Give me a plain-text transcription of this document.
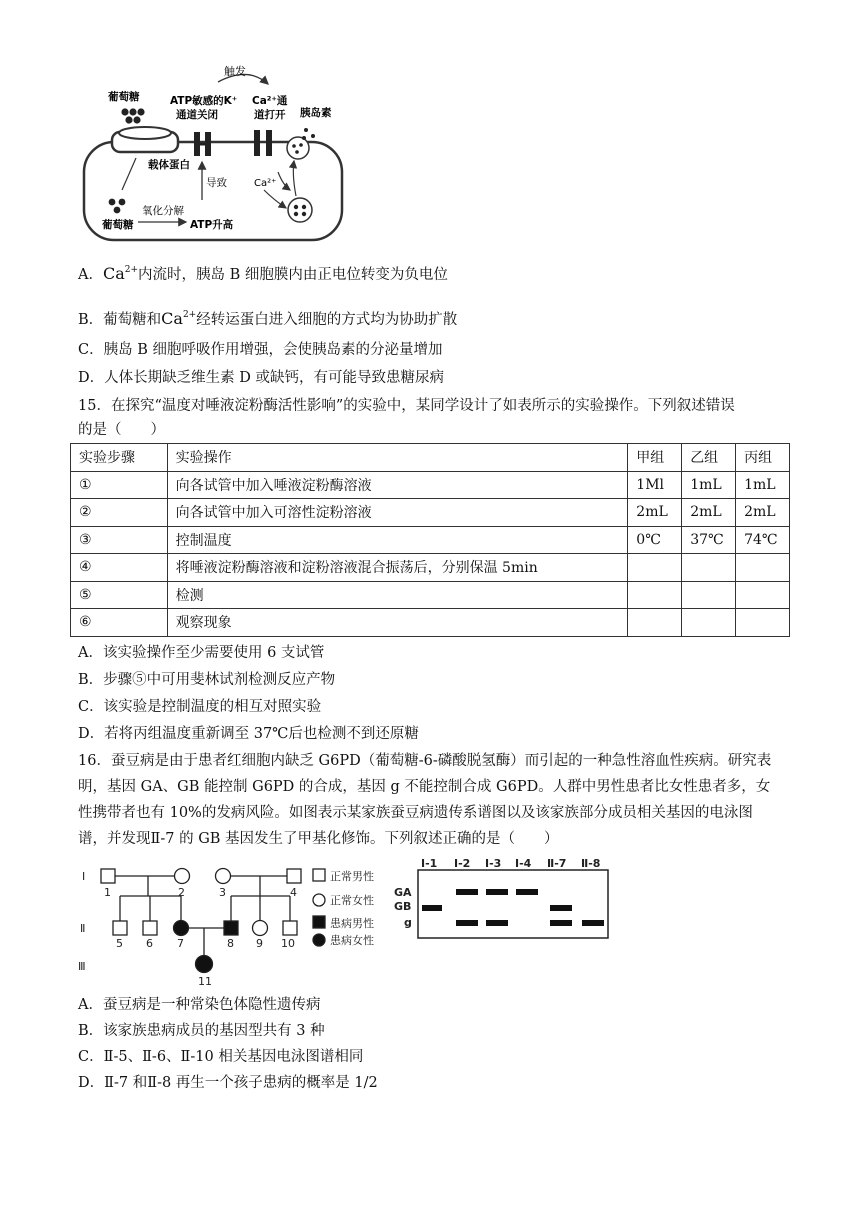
触发
ATP敏感的K⁺
通道关闭
Ca²⁺通
道打开
葡萄糖
胰岛素
载体蛋白
导致	Ca²⁺
葡萄糖
氧化分解
ATP升高
A．$Ca^{2+}$内流时，胰岛 B 细胞膜内由正电位转变为负电位
B．葡萄糖和$Ca^{2+}$经转运蛋白进入细胞的方式均为协助扩散
C．胰岛 B 细胞呼吸作用增强，会使胰岛素的分泌量增加
D．人体长期缺乏维生素 D 或缺钙，有可能导致患糖尿病
15．在探究“温度对唾液淀粉酶活性影响”的实验中，某同学设计了如表所示的实验操作。下列叙述错误
的是（　　）
实验步骤	实验操作	甲组	乙组	丙组
①	向各试管中加入唾液淀粉酶溶液	1Ml	1mL	1mL
②	向各试管中加入可溶性淀粉溶液	2mL	2mL	2mL
③	控制温度	0℃	37℃	74℃
④	将唾液淀粉酶溶液和淀粉溶液混合振荡后，分别保温 5min			
⑤	检测			
⑥	观察现象			
A．该实验操作至少需要使用 6 支试管
B．步骤⑤中可用斐林试剂检测反应产物
C．该实验是控制温度的相互对照实验
D．若将丙组温度重新调至 37℃后也检测不到还原糖
16．蚕豆病是由于患者红细胞内缺乏 G6PD（葡萄糖-6-磷酸脱氢酶）而引起的一种急性溶血性疾病。研究表
明，基因 GA、GB 能控制 G6PD 的合成，基因 g 不能控制合成 G6PD。人群中男性患者比女性患者多，女
性携带者也有 10%的发病风险。如图表示某家族蚕豆病遗传系谱图以及该家族部分成员相关基因的电泳图
谱，并发现Ⅱ-7 的 GB 基因发生了甲基化修饰。下列叙述正确的是（　　）
Ⅰ
Ⅱ
Ⅲ
1	2	3	4
5 6 7	8 9 10
11
正常男性
正常女性
患病男性
患病女性
Ⅰ-1 Ⅰ-2 Ⅰ-3 Ⅰ-4 Ⅱ-7 Ⅱ-8
GA
GB
g
A．蚕豆病是一种常染色体隐性遗传病
B．该家族患病成员的基因型共有 3 种
C．Ⅱ-5、Ⅱ-6、Ⅱ-10 相关基因电泳图谱相同
D．Ⅱ-7 和Ⅱ-8 再生一个孩子患病的概率是 1/2
